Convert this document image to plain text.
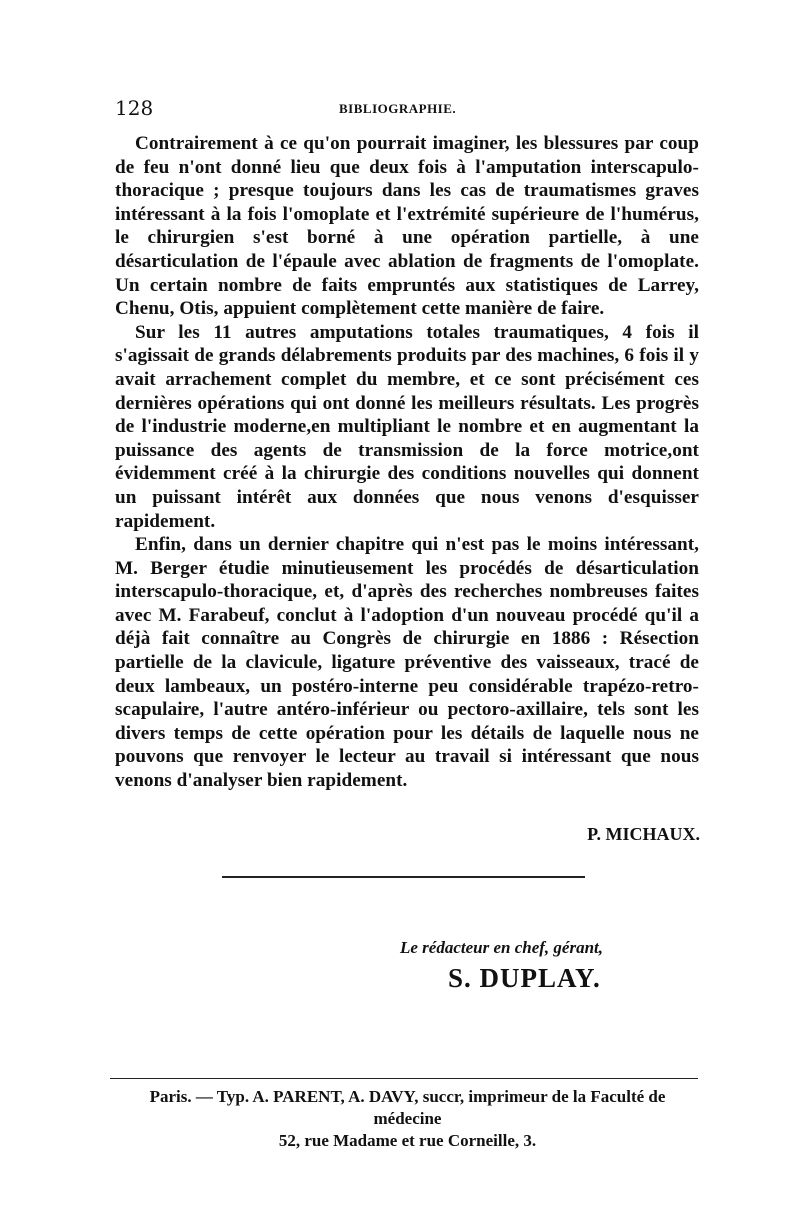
128	BIBLIOGRAPHIE.

Contrairement à ce qu'on pourrait imaginer, les blessures par coup de feu n'ont donné lieu que deux fois à l'amputation interscapulo-thoracique ; presque toujours dans les cas de traumatismes graves intéressant à la fois l'omoplate et l'extrémité supérieure de l'humérus, le chirurgien s'est borné à une opération partielle, à une désarticulation de l'épaule avec ablation de fragments de l'omoplate. Un certain nombre de faits empruntés aux statistiques de Larrey, Chenu, Otis, appuient complètement cette manière de faire.

Sur les 11 autres amputations totales traumatiques, 4 fois il s'agissait de grands délabrements produits par des machines, 6 fois il y avait arrachement complet du membre, et ce sont précisément ces dernières opérations qui ont donné les meilleurs résultats. Les progrès de l'industrie moderne,en multipliant le nombre et en augmentant la puissance des agents de transmission de la force motrice,ont évidemment créé à la chirurgie des conditions nouvelles qui donnent un puissant intérêt aux données que nous venons d'esquisser rapidement.

Enfin, dans un dernier chapitre qui n'est pas le moins intéressant, M. Berger étudie minutieusement les procédés de désarticulation interscapulo-thoracique, et, d'après des recherches nombreuses faites avec M. Farabeuf, conclut à l'adoption d'un nouveau procédé qu'il a déjà fait connaître au Congrès de chirurgie en 1886 : Résection partielle de la clavicule, ligature préventive des vaisseaux, tracé de deux lambeaux, un postéro-interne peu considérable trapézo-retro-scapulaire, l'autre antéro-inférieur ou pectoro-axillaire, tels sont les divers temps de cette opération pour les détails de laquelle nous ne pouvons que renvoyer le lecteur au travail si intéressant que nous venons d'analyser bien rapidement.

P. MICHAUX.
Le rédacteur en chef, gérant,
S. DUPLAY.
Paris. — Typ. A. PARENT, A. DAVY, succr, imprimeur de la Faculté de médecine
52, rue Madame et rue Corneille, 3.
